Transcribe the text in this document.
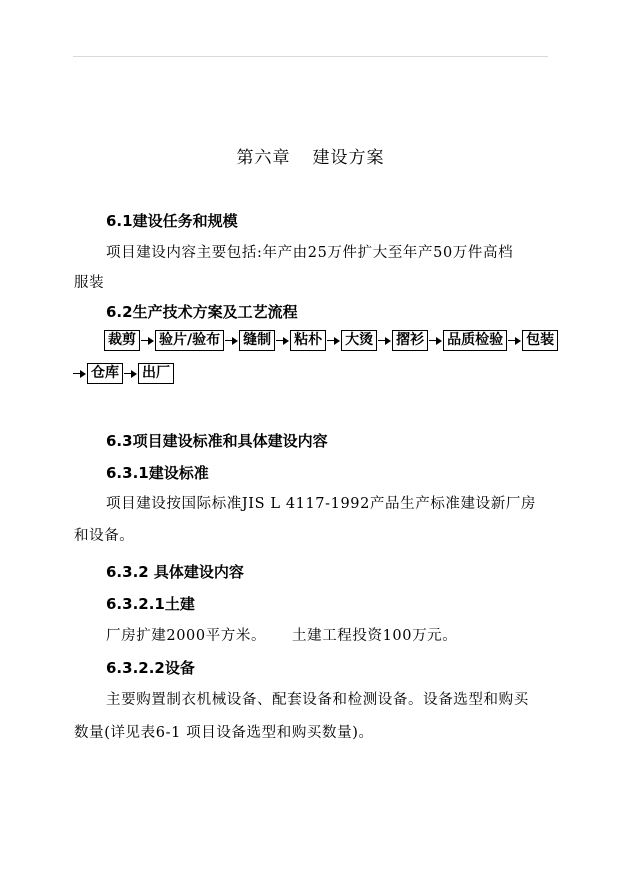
第六章 建设方案
6.1建设任务和规模
项目建设内容主要包括:年产由25万件扩大至年产50万件高档
服装
6.2生产技术方案及工艺流程
裁剪 验片/验布 缝制 粘朴 大烫 摺衫 品质检验 包装
仓库 出厂
6.3项目建设标准和具体建设内容
6.3.1建设标准
项目建设按国际标准JIS L 4117-1992产品生产标准建设新厂房
和设备。
6.3.2 具体建设内容
6.3.2.1土建
厂房扩建2000平方米。 土建工程投资100万元。
6.3.2.2设备
主要购置制衣机械设备、配套设备和检测设备。设备选型和购买
数量(详见表6-1 项目设备选型和购买数量)。
